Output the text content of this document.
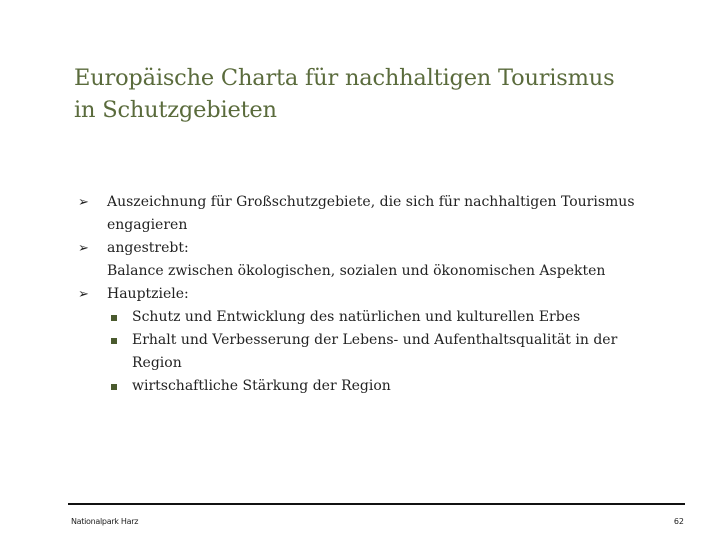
Europäische Charta für nachhaltigen Tourismus
in Schutzgebieten
➢ Auszeichnung für Großschutzgebiete, die sich für nachhaltigen Tourismus
engagieren
➢ angestrebt:
Balance zwischen ökologischen, sozialen und ökonomischen Aspekten
➢ Hauptziele:
Schutz und Entwicklung des natürlichen und kulturellen Erbes
Erhalt und Verbesserung der Lebens- und Aufenthaltsqualität in der
Region
wirtschaftliche Stärkung der Region
Nationalpark Harz	62
